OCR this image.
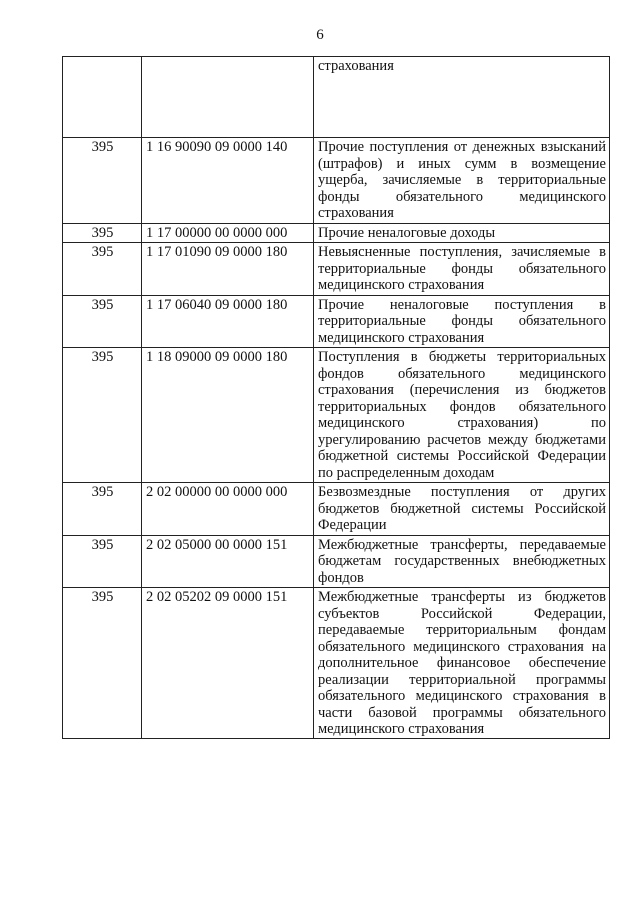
6
		страхования
395	1 16 90090 09 0000 140	Прочие поступления от денежных взысканий (штрафов) и иных сумм в возмещение ущерба, зачисляемые в территориальные фонды обязательного медицинского страхования
395	1 17 00000 00 0000 000	Прочие неналоговые доходы
395	1 17 01090 09 0000 180	Невыясненные поступления, зачисляемые в территориальные фонды обязательного медицинского страхования
395	1 17 06040 09 0000 180	Прочие неналоговые поступления в территориальные фонды обязательного медицинского страхования
395	1 18 09000 09 0000 180	Поступления в бюджеты территориальных фондов обязательного медицинского страхования (перечисления из бюджетов территориальных фондов обязательного медицинского страхования) по урегулированию расчетов между бюджетами бюджетной системы Российской Федерации по распределенным доходам
395	2 02 00000 00 0000 000	Безвозмездные поступления от других бюджетов бюджетной системы Российской Федерации
395	2 02 05000 00 0000 151	Межбюджетные трансферты, передаваемые бюджетам государственных внебюджетных фондов
395	2 02 05202 09 0000 151	Межбюджетные трансферты из бюджетов субъектов Российской Федерации, передаваемые территориальным фондам обязательного медицинского страхования на дополнительное финансовое обеспечение реализации территориальной программы обязательного медицинского страхования в части базовой программы обязательного медицинского страхования
